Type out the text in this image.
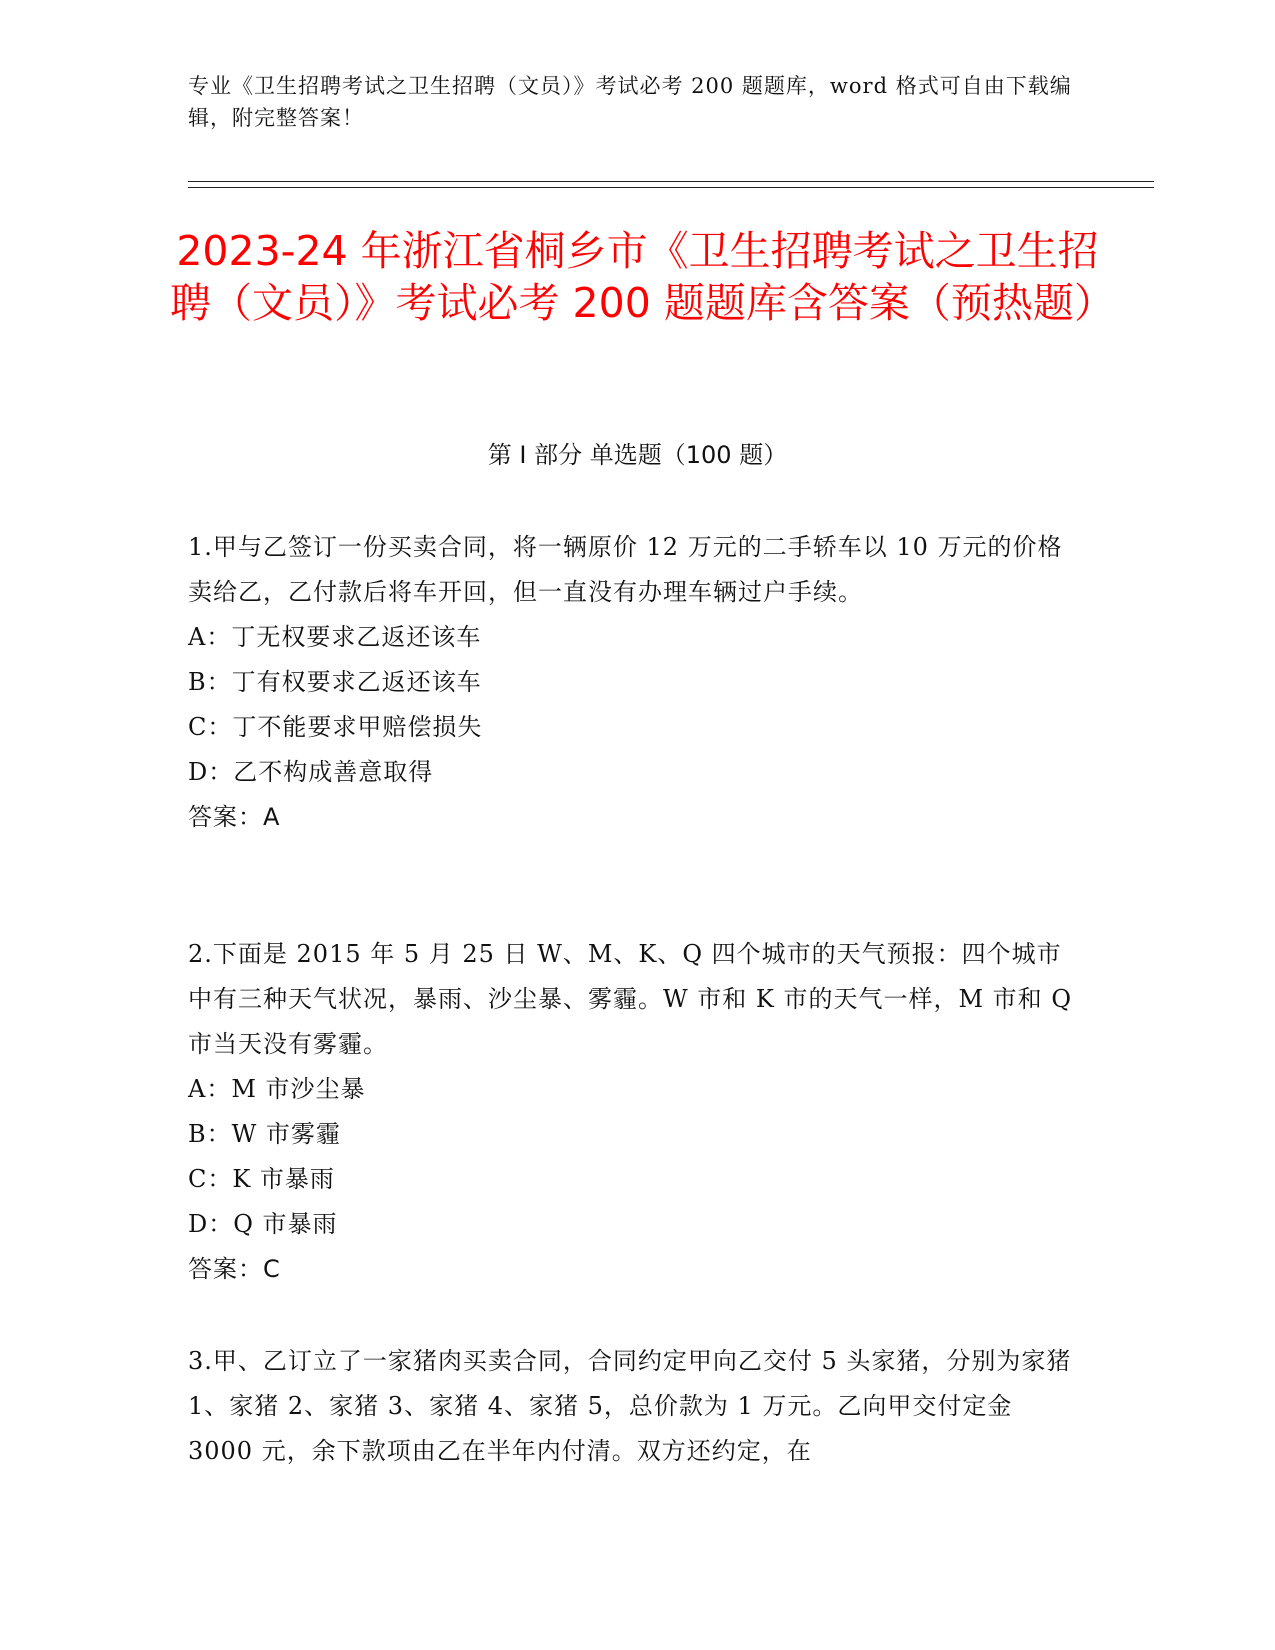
专业《卫生招聘考试之卫生招聘（文员）》考试必考 200 题题库，word 格式可自由下载编辑，附完整答案！
2023-24 年浙江省桐乡市《卫生招聘考试之卫生招聘（文员）》考试必考 200 题题库含答案（预热题）
第 I 部分 单选题（100 题）
1.甲与乙签订一份买卖合同，将一辆原价 12 万元的二手轿车以 10 万元的价格卖给乙，乙付款后将车开回，但一直没有办理车辆过户手续。
A：丁无权要求乙返还该车
B：丁有权要求乙返还该车
C：丁不能要求甲赔偿损失
D：乙不构成善意取得
答案：A
2.下面是 2015 年 5 月 25 日 W、M、K、Q 四个城市的天气预报：四个城市中有三种天气状况，暴雨、沙尘暴、雾霾。W 市和 K 市的天气一样，M 市和 Q 市当天没有雾霾。
A：M 市沙尘暴
B：W 市雾霾
C：K 市暴雨
D：Q 市暴雨
答案：C
3.甲、乙订立了一家猪肉买卖合同，合同约定甲向乙交付 5 头家猪，分别为家猪 1、家猪 2、家猪 3、家猪 4、家猪 5，总价款为 1 万元。乙向甲交付定金 3000 元，余下款项由乙在半年内付清。双方还约定，在
